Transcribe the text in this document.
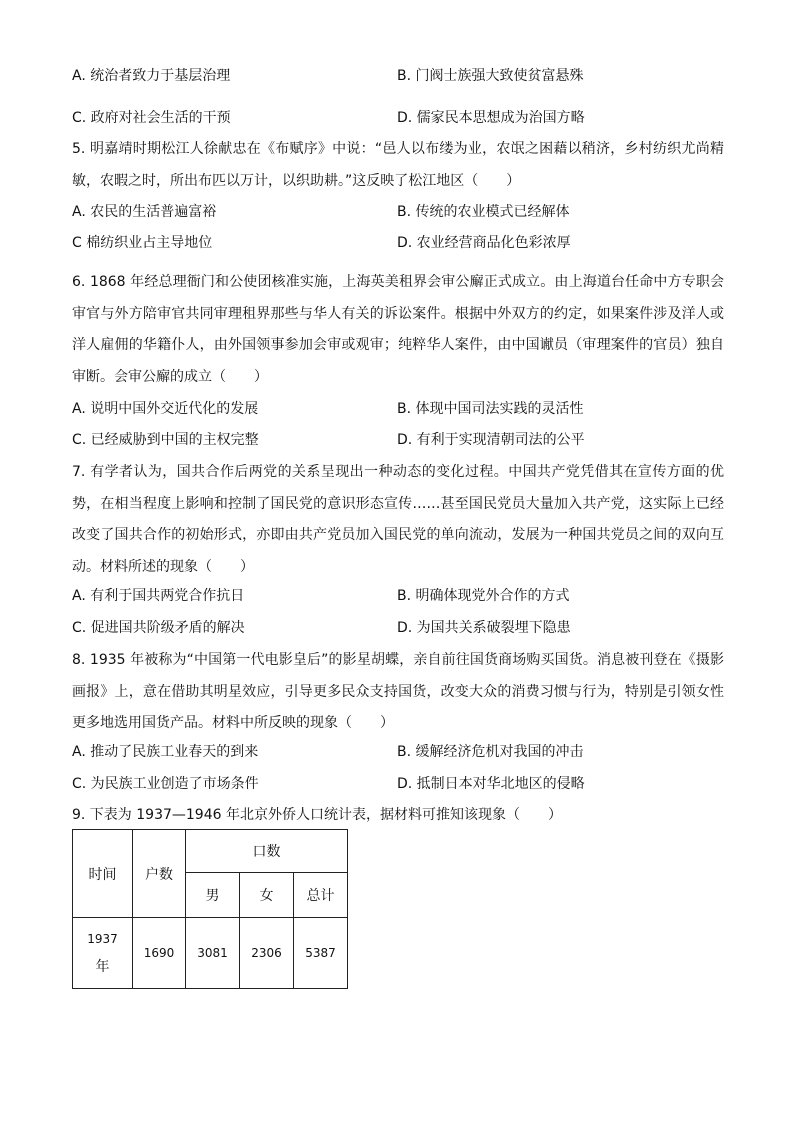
A. 统治者致力于基层治理	B. 门阀士族强大致使贫富悬殊
C. 政府对社会生活的干预	D. 儒家民本思想成为治国方略
5. 明嘉靖时期松江人徐献忠在《布赋序》中说：“邑人以布缕为业，农氓之困藉以稍济，乡村纺织尤尚精敏，农暇之时，所出布匹以万计，以织助耕。”这反映了松江地区（　　）
A. 农民的生活普遍富裕	B. 传统的农业模式已经解体
C 棉纺织业占主导地位	D. 农业经营商品化色彩浓厚
6. 1868 年经总理衙门和公使团核准实施，上海英美租界会审公廨正式成立。由上海道台任命中方专职会审官与外方陪审官共同审理租界那些与华人有关的诉讼案件。根据中外双方的约定，如果案件涉及洋人或洋人雇佣的华籍仆人，由外国领事参加会审或观审；纯粹华人案件，由中国谳员（审理案件的官员）独自审断。会审公廨的成立（　　）
A. 说明中国外交近代化的发展	B. 体现中国司法实践的灵活性
C. 已经威胁到中国的主权完整	D. 有利于实现清朝司法的公平
7. 有学者认为，国共合作后两党的关系呈现出一种动态的变化过程。中国共产党凭借其在宣传方面的优势，在相当程度上影响和控制了国民党的意识形态宣传……甚至国民党员大量加入共产党，这实际上已经改变了国共合作的初始形式，亦即由共产党员加入国民党的单向流动，发展为一种国共党员之间的双向互动。材料所述的现象（　　）
A. 有利于国共两党合作抗日	B. 明确体现党外合作的方式
C. 促进国共阶级矛盾的解决	D. 为国共关系破裂埋下隐患
8. 1935 年被称为“中国第一代电影皇后”的影星胡蝶，亲自前往国货商场购买国货。消息被刊登在《摄影画报》上，意在借助其明星效应，引导更多民众支持国货，改变大众的消费习惯与行为，特别是引领女性更多地选用国货产品。材料中所反映的现象（　　）
A. 推动了民族工业春天的到来	B. 缓解经济危机对我国的冲击
C. 为民族工业创造了市场条件	D. 抵制日本对华北地区的侵略
9. 下表为 1937—1946 年北京外侨人口统计表，据材料可推知该现象（　　）
时间	户数	口数		
		男	女	总计
1937
年	1690	3081	2306	5387
